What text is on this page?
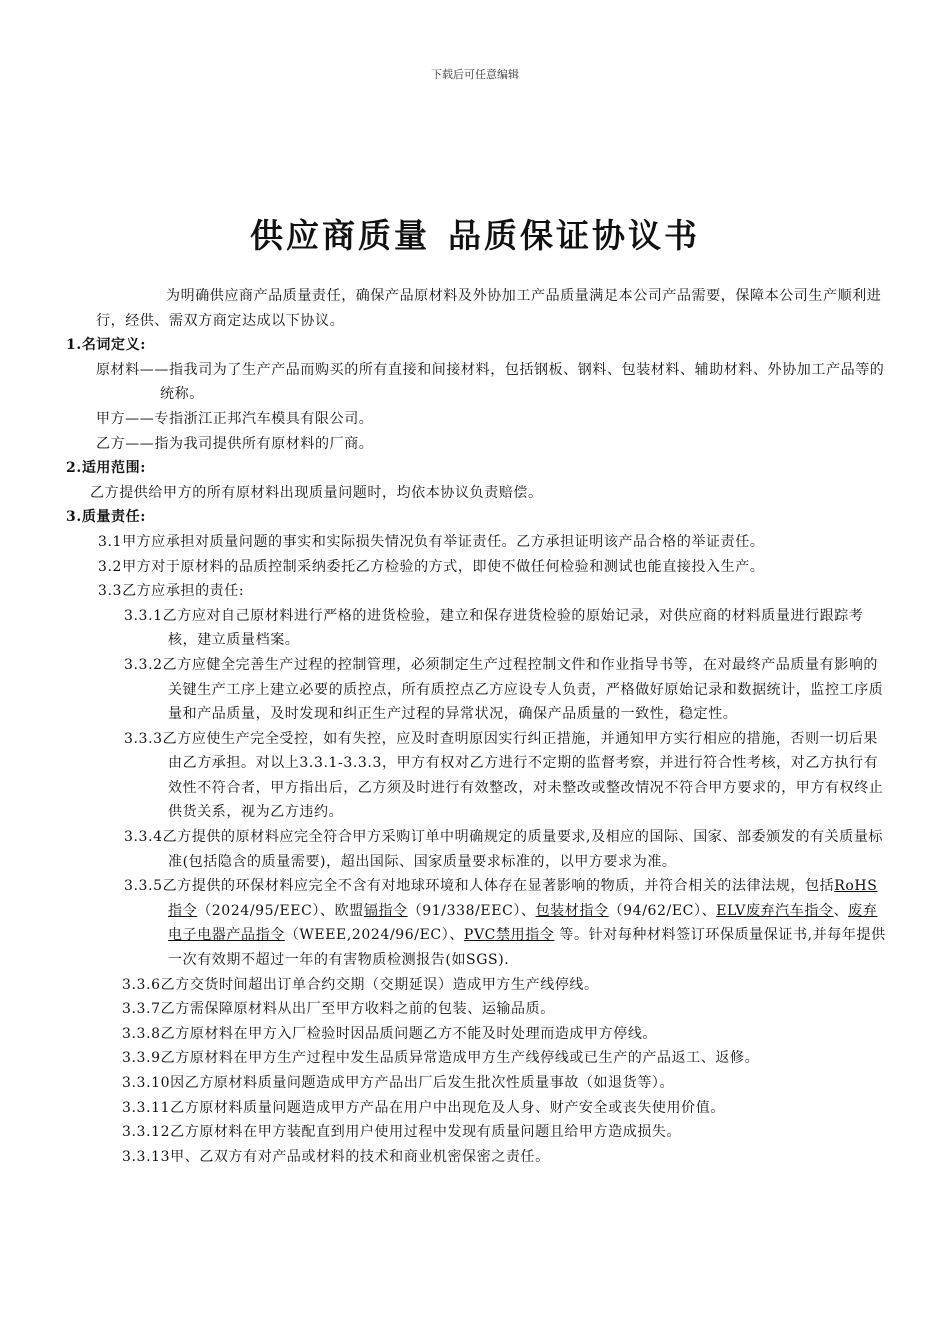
下载后可任意编辑
供应商质量 品质保证协议书

为明确供应商产品质量责任，确保产品原材料及外协加工产品质量满足本公司产品需要，保障本公司生产顺利进行，经供、需双方商定达成以下协议。

1.名词定义:

原材料——指我司为了生产产品而购买的所有直接和间接材料，包括钢板、钢料、包装材料、辅助材料、外协加工产品等的统称。

甲方——专指浙江正邦汽车模具有限公司。

乙方——指为我司提供所有原材料的厂商。

2.适用范围:

乙方提供给甲方的所有原材料出现质量问题时，均依本协议负责赔偿。

3.质量责任:

3.1甲方应承担对质量问题的事实和实际损失情况负有举证责任。乙方承担证明该产品合格的举证责任。

3.2甲方对于原材料的品质控制采纳委托乙方检验的方式，即使不做任何检验和测试也能直接投入生产。

3.3乙方应承担的责任:

3.3.1乙方应对自己原材料进行严格的进货检验，建立和保存进货检验的原始记录，对供应商的材料质量进行跟踪考核，建立质量档案。

3.3.2乙方应健全完善生产过程的控制管理，必须制定生产过程控制文件和作业指导书等，在对最终产品质量有影响的关键生产工序上建立必要的质控点，所有质控点乙方应设专人负责，严格做好原始记录和数据统计，监控工序质量和产品质量，及时发现和纠正生产过程的异常状况，确保产品质量的一致性，稳定性。

3.3.3乙方应使生产完全受控，如有失控，应及时查明原因实行纠正措施，并通知甲方实行相应的措施，否则一切后果由乙方承担。对以上3.3.1-3.3.3，甲方有权对乙方进行不定期的监督考察，并进行符合性考核，对乙方执行有效性不符合者，甲方指出后，乙方须及时进行有效整改，对未整改或整改情况不符合甲方要求的，甲方有权终止供货关系，视为乙方违约。

3.3.4乙方提供的原材料应完全符合甲方采购订单中明确规定的质量要求,及相应的国际、国家、部委颁发的有关质量标准(包括隐含的质量需要)，超出国际、国家质量要求标准的，以甲方要求为准。

3.3.5乙方提供的环保材料应完全不含有对地球环境和人体存在显著影响的物质，并符合相关的法律法规，包括RoHS指令（2024/95/EEC）、欧盟镉指令（91/338/EEC）、包装材指令（94/62/EC）、ELV废弃汽车指令、废弃电子电器产品指令（WEEE,2024/96/EC）、PVC禁用指令 等。针对每种材料签订环保质量保证书,并每年提供一次有效期不超过一年的有害物质检测报告(如SGS).

3.3.6乙方交货时间超出订单合约交期（交期延误）造成甲方生产线停线。

3.3.7乙方需保障原材料从出厂至甲方收料之前的包装、运输品质。

3.3.8乙方原材料在甲方入厂检验时因品质问题乙方不能及时处理而造成甲方停线。

3.3.9乙方原材料在甲方生产过程中发生品质异常造成甲方生产线停线或已生产的产品返工、返修。

3.3.10因乙方原材料质量问题造成甲方产品出厂后发生批次性质量事故（如退货等）。

3.3.11乙方原材料质量问题造成甲方产品在用户中出现危及人身、财产安全或丧失使用价值。

3.3.12乙方原材料在甲方装配直到用户使用过程中发现有质量问题且给甲方造成损失。

3.3.13甲、乙双方有对产品或材料的技术和商业机密保密之责任。
